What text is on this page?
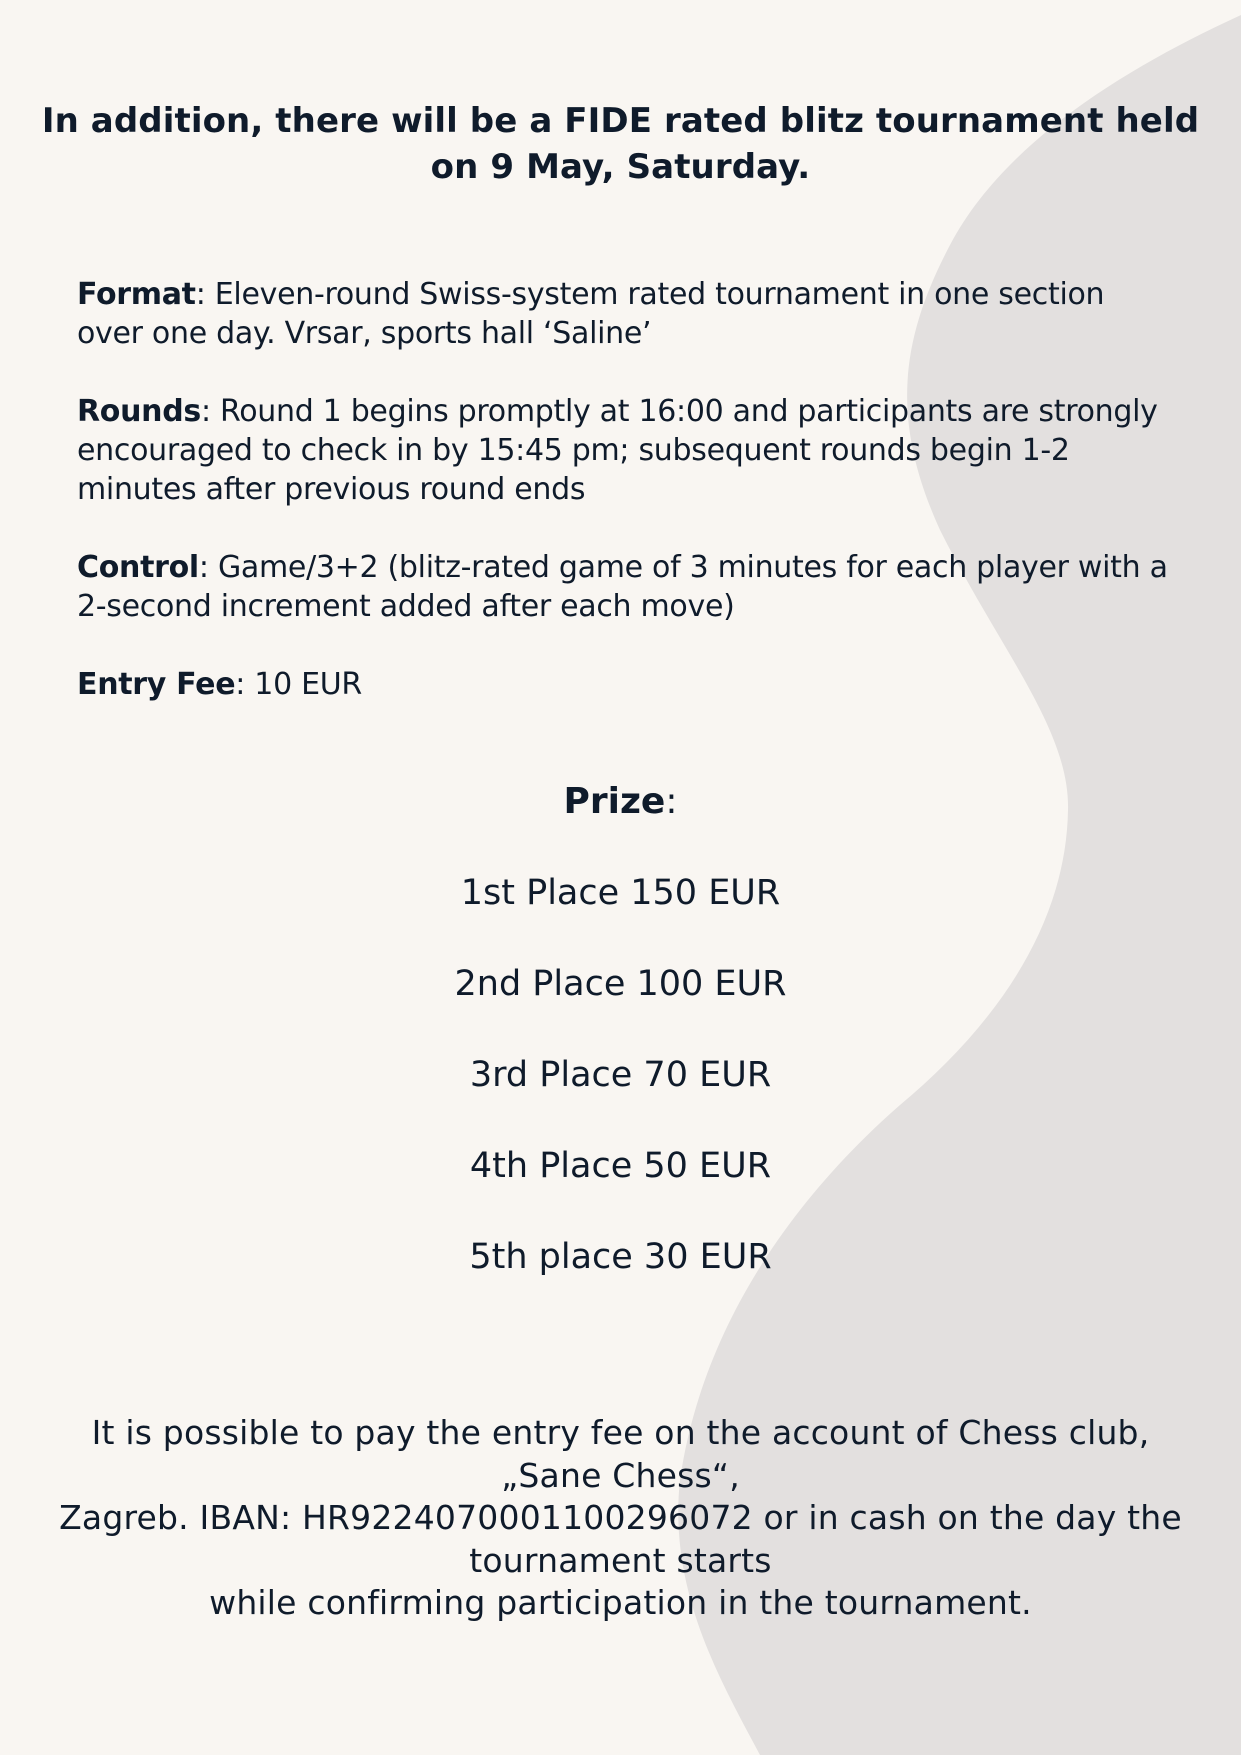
In addition, there will be a FIDE rated blitz tournament held on 9 May, Saturday.

Format: Eleven-round Swiss-system rated tournament in one section over one day. Vrsar, sports hall ‘Saline’

Rounds: Round 1 begins promptly at 16:00 and participants are strongly encouraged to check in by 15:45 pm; subsequent rounds begin 1-2 minutes after previous round ends

Control: Game/3+2 (blitz-rated game of 3 minutes for each player with a 2-second increment added after each move)

Entry Fee: 10 EUR

Prize:

1st Place 150 EUR
2nd Place 100 EUR
3rd Place 70 EUR
4th Place 50 EUR
5th place 30 EUR

It is possible to pay the entry fee on the account of Chess club, „Sane Chess“,
Zagreb. IBAN: HR9224070001100296072 or in cash on the day the tournament starts
while confirming participation in the tournament.
